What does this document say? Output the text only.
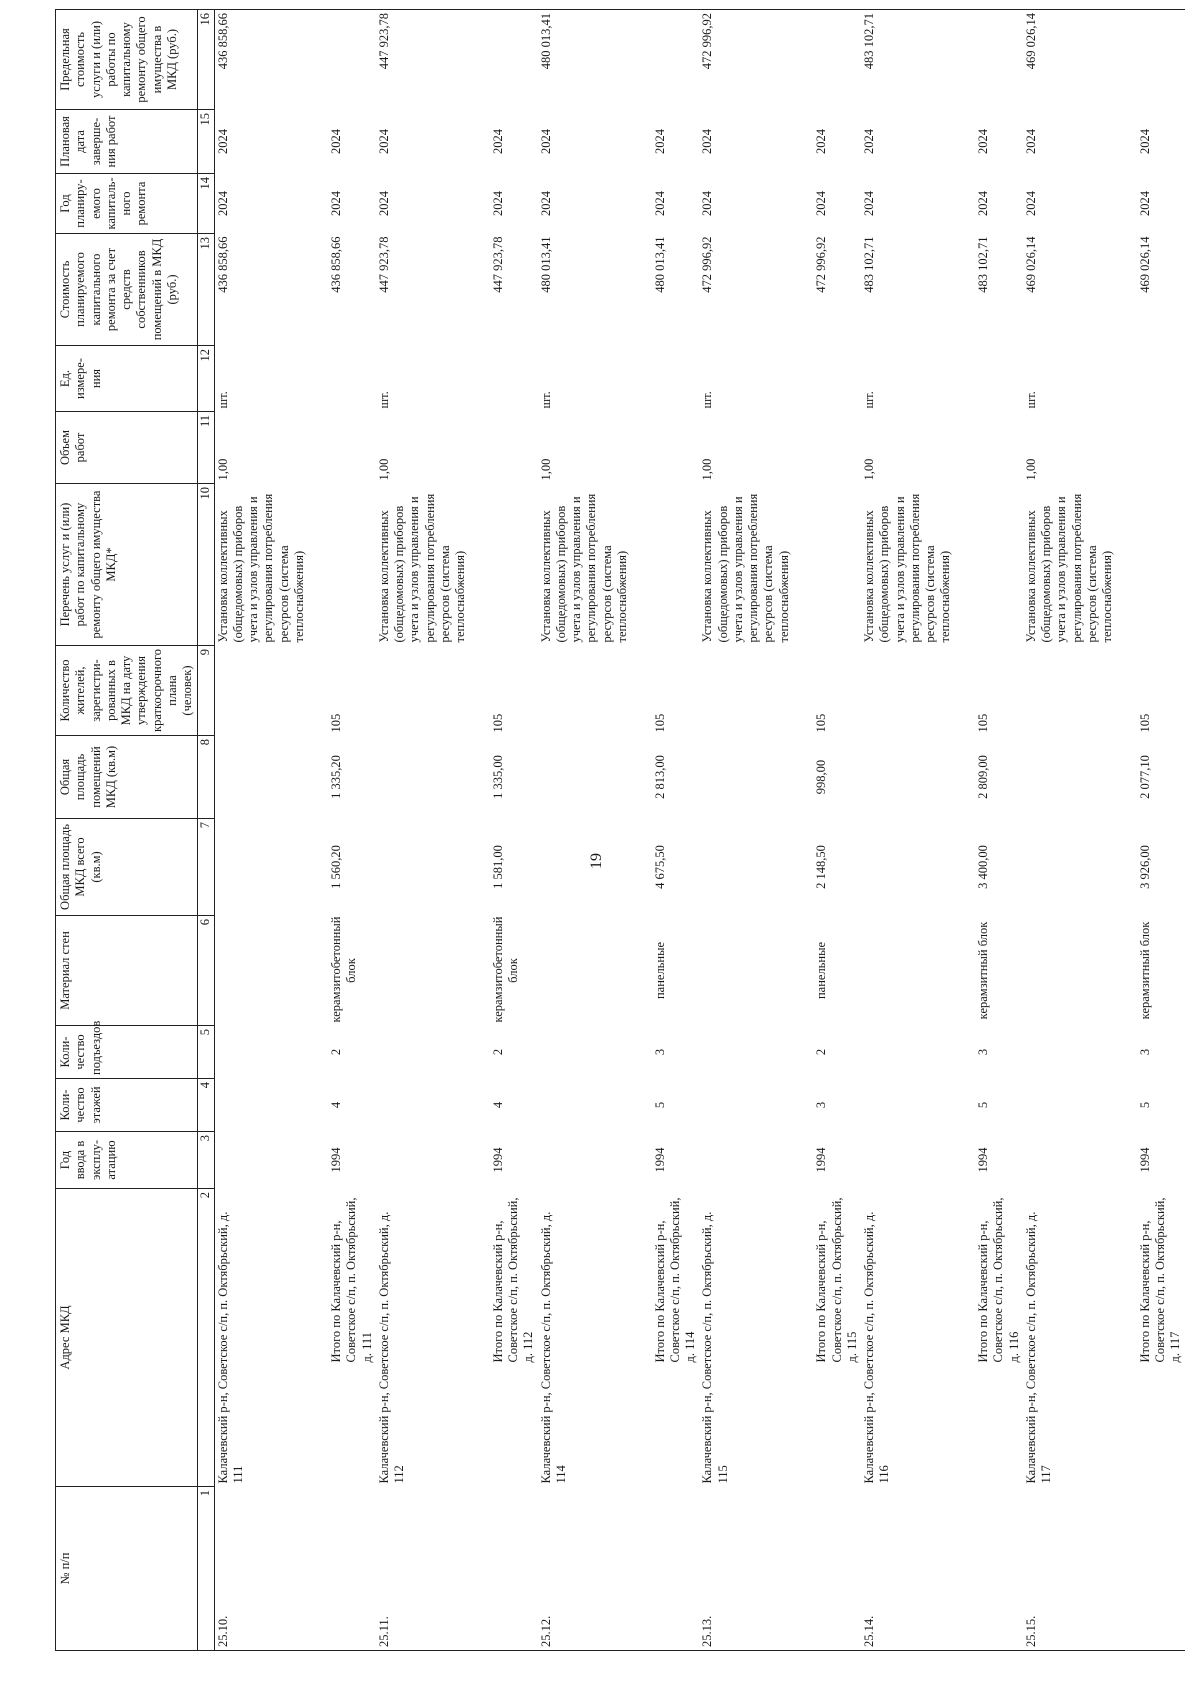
19
№ п/п	Адрес МКД	Год ввода в эксплу-атацию	Коли-чество этажей	Коли-чество подъездов	Материал стен	Общая площадь МКД всего (кв.м)	Общая площадь помещений МКД (кв.м)	Количество жителей, зарегистри-рованных в МКД на дату утверждения краткосрочного плана (человек)	Перечень услуг и (или) работ по капитальному ремонту общего имущества МКД*	Объем работ	Ед. измере-ния	Стоимость планируемого капитального ремонта за счет средств собственников помещений в МКД (руб.)	Год планиру-емого капиталь-ного ремонта	Плановая дата заверше-ния работ	Предельная стоимость услуги и (или) работы по капитальному ремонту общего имущества в МКД (руб.)
1	2	3	4	5	6	7	8	9	10	11	12	13	14	15	16
25.10.	Калачевский р-н, Советское с/п, п. Октябрьский, д. 111								Установка коллективных (общедомовых) приборов учета и узлов управления и регулирования потребления ресурсов (система теплоснабжения)	1,00	шт.	436 858,66	2024	2024	436 858,66
	Итого по Калачевский р-н, Советское с/п, п. Октябрьский, д. 111	1994	4	2	керамзитобетонный блок	1 560,20	1 335,20	105				436 858,66	2024	2024	
25.11.	Калачевский р-н, Советское с/п, п. Октябрьский, д. 112								Установка коллективных (общедомовых) приборов учета и узлов управления и регулирования потребления ресурсов (система теплоснабжения)	1,00	шт.	447 923,78	2024	2024	447 923,78
	Итого по Калачевский р-н, Советское с/п, п. Октябрьский, д. 112	1994	4	2	керамзитобетонный блок	1 581,00	1 335,00	105				447 923,78	2024	2024	
25.12.	Калачевский р-н, Советское с/п, п. Октябрьский, д. 114								Установка коллективных (общедомовых) приборов учета и узлов управления и регулирования потребления ресурсов (система теплоснабжения)	1,00	шт.	480 013,41	2024	2024	480 013,41
	Итого по Калачевский р-н, Советское с/п, п. Октябрьский, д. 114	1994	5	3	панельные	4 675,50	2 813,00	105				480 013,41	2024	2024	
25.13.	Калачевский р-н, Советское с/п, п. Октябрьский, д. 115								Установка коллективных (общедомовых) приборов учета и узлов управления и регулирования потребления ресурсов (система теплоснабжения)	1,00	шт.	472 996,92	2024	2024	472 996,92
	Итого по Калачевский р-н, Советское с/п, п. Октябрьский, д. 115	1994	3	2	панельные	2 148,50	998,00	105				472 996,92	2024	2024	
25.14.	Калачевский р-н, Советское с/п, п. Октябрьский, д. 116								Установка коллективных (общедомовых) приборов учета и узлов управления и регулирования потребления ресурсов (система теплоснабжения)	1,00	шт.	483 102,71	2024	2024	483 102,71
	Итого по Калачевский р-н, Советское с/п, п. Октябрьский, д. 116	1994	5	3	керамзитный блок	3 400,00	2 809,00	105				483 102,71	2024	2024	
25.15.	Калачевский р-н, Советское с/п, п. Октябрьский, д. 117								Установка коллективных (общедомовых) приборов учета и узлов управления и регулирования потребления ресурсов (система теплоснабжения)	1,00	шт.	469 026,14	2024	2024	469 026,14
	Итого по Калачевский р-н, Советское с/п, п. Октябрьский, д. 117	1994	5	3	керамзитный блок	3 926,00	2 077,10	105				469 026,14	2024	2024	
